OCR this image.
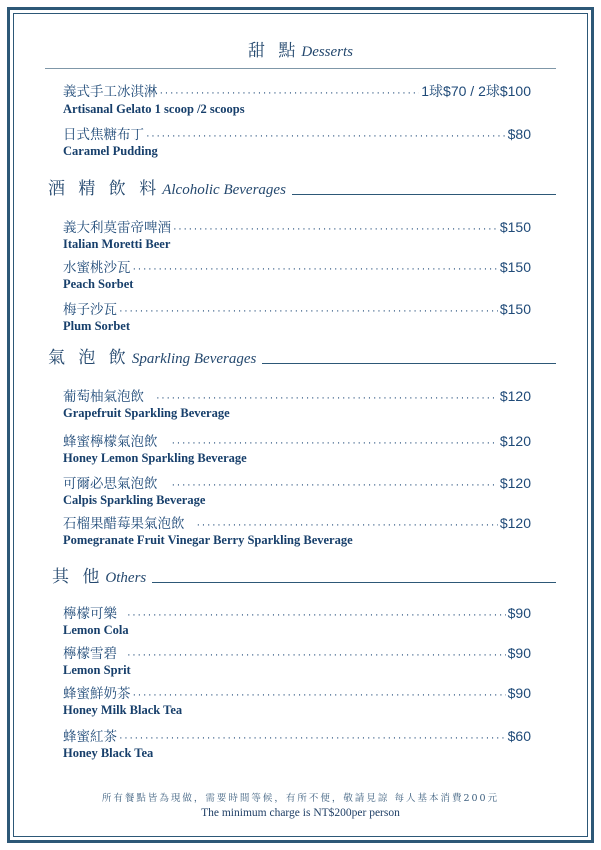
甜 點 Desserts
義式手工冰淇淋 ·····	1球$70 / 2球$100
Artisanal Gelato 1 scoop /2 scoops
日式焦糖布丁 ·····	$80
Caramel Pudding
酒 精 飲 料 Alcoholic Beverages
義大利莫雷帝啤酒 ·····	$150
Italian Moretti Beer
水蜜桃沙瓦 ·····	$150
Peach Sorbet
梅子沙瓦 ·····	$150
Plum Sorbet
氣 泡 飲 Sparkling Beverages
葡萄柚氣泡飲 ·····	$120
Grapefruit Sparkling Beverage
蜂蜜檸檬氣泡飲 ·····	$120
Honey Lemon Sparkling Beverage
可爾必思氣泡飲 ·····	$120
Calpis Sparkling Beverage
石榴果醋莓果氣泡飲 ·····	$120
Pomegranate Fruit Vinegar Berry Sparkling Beverage
其 他 Others
檸檬可樂 ·····	$90
Lemon Cola
檸檬雪碧 ·····	$90
Lemon Sprit
蜂蜜鮮奶茶 ·····	$90
Honey Milk Black Tea
蜂蜜紅茶 ·····	$60
Honey Black Tea
所有餐點皆為現做，需要時間等候，有所不便，敬請見諒 每人基本消費200元
The minimum charge is NT$200per person
